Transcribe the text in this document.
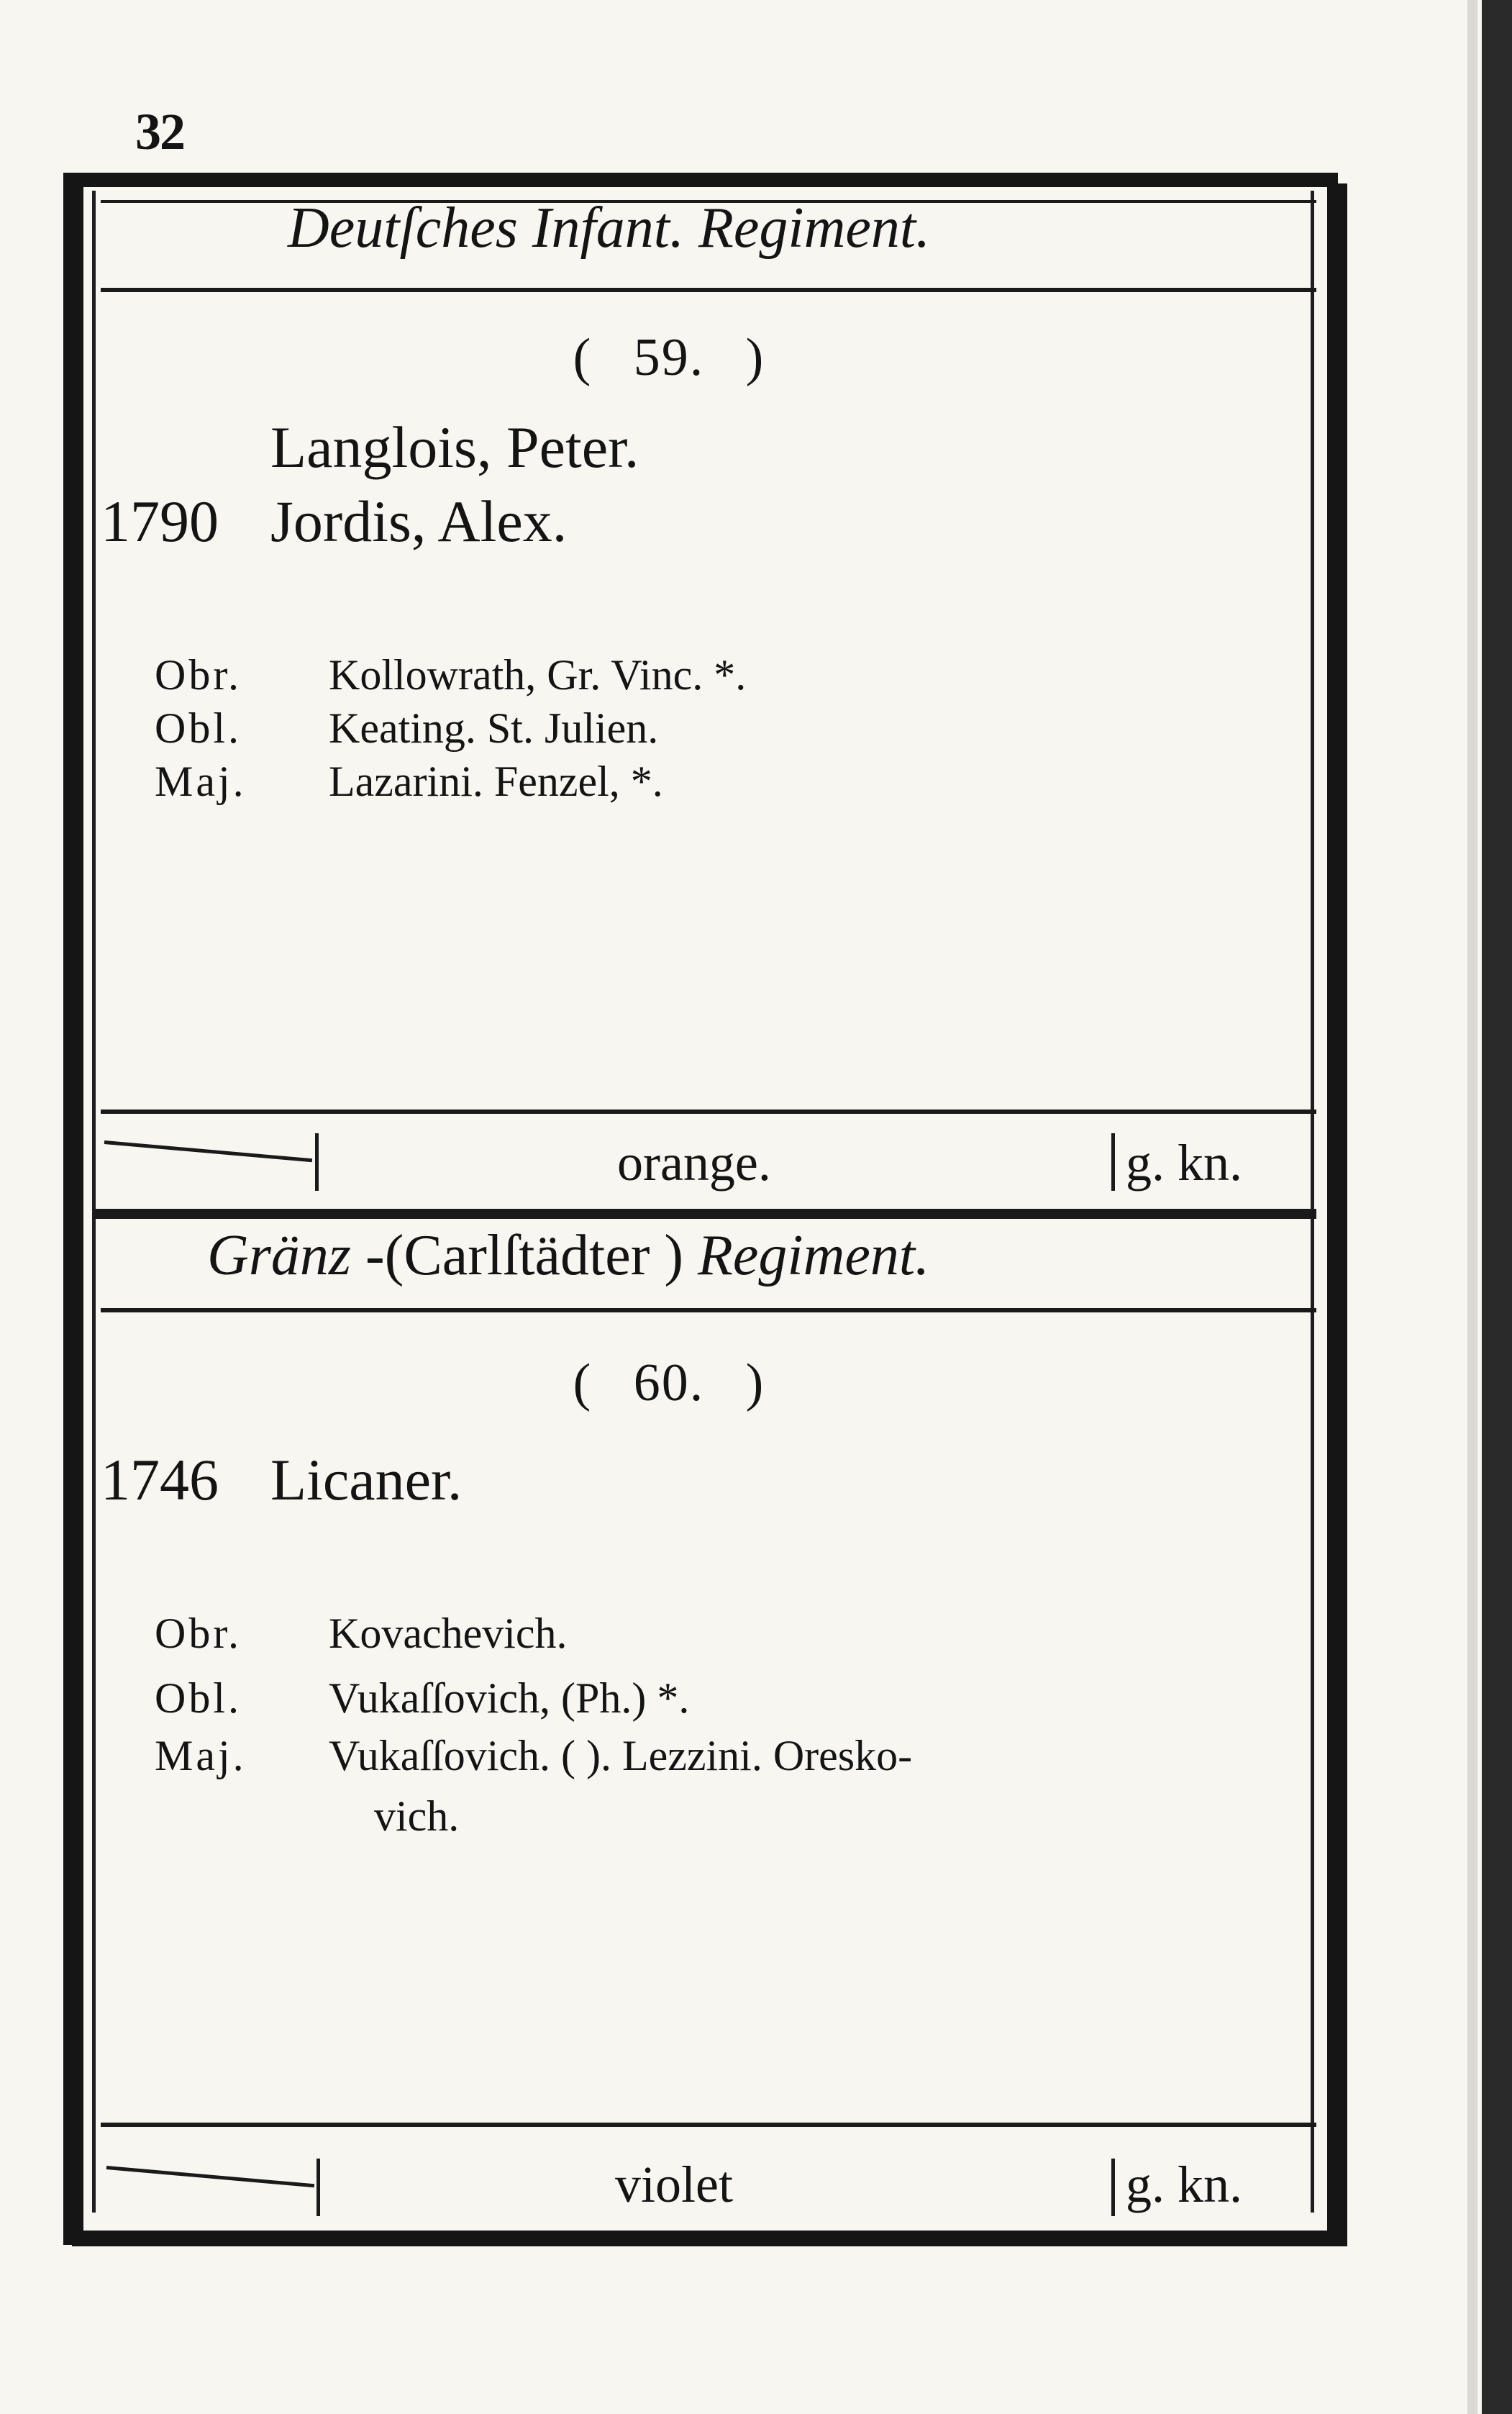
32
Deutſches Infant. Regiment.
( 59. )
Langlois, Peter.
1790 Jordis, Alex.
Obr. Kollowrath, Gr. Vinc. *.
Obl. Keating. St. Julien.
Maj. Lazarini. Fenzel, *.
orange.	g. kn.
Gränz -(Carlſtädter ) Regiment.
( 60. )
1746 Licaner.
Obr. Kovachevich.
Obl. Vukaſſovich, (Ph.) *.
Maj. Vukaſſovich. ( ). Lezzini. Oresko-
vich.
violet	g. kn.
